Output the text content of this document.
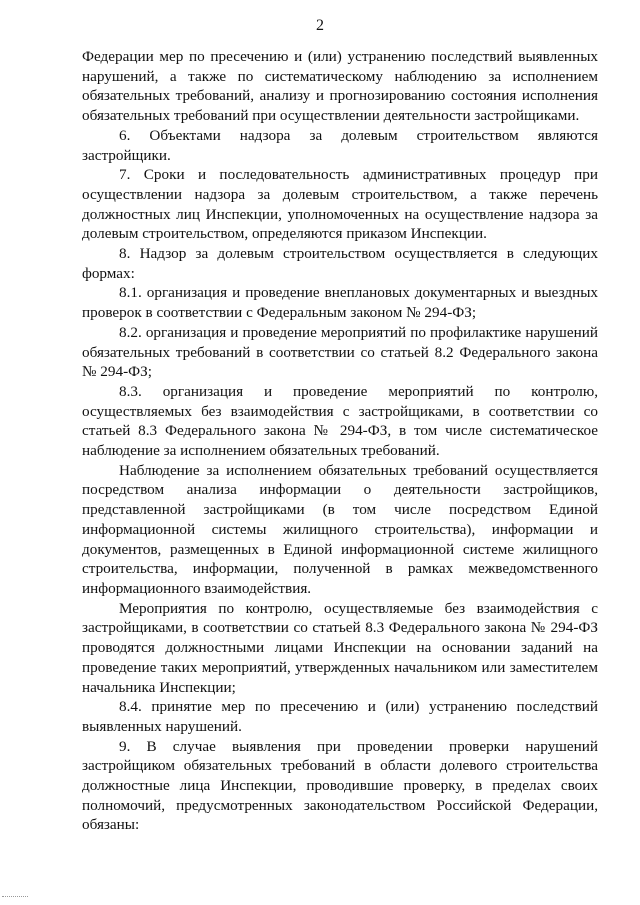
2

Федерации мер по пресечению и (или) устранению последствий выявленных нарушений, а также по систематическому наблюдению за исполнением обязательных требований, анализу и прогнозированию состояния исполнения обязательных требований при осуществлении деятельности застройщиками.

6. Объектами надзора за долевым строительством являются застройщики.

7. Сроки и последовательность административных процедур при осуществлении надзора за долевым строительством, а также перечень должностных лиц Инспекции, уполномоченных на осуществление надзора за долевым строительством, определяются приказом Инспекции.

8. Надзор за долевым строительством осуществляется в следующих формах:

8.1. организация и проведение внеплановых документарных и выездных проверок в соответствии с Федеральным законом № 294-ФЗ;

8.2. организация и проведение мероприятий по профилактике нарушений обязательных требований в соответствии со статьей 8.2 Федерального закона № 294-ФЗ;

8.3. организация и проведение мероприятий по контролю, осуществляемых без взаимодействия с застройщиками, в соответствии со статьей 8.3 Федерального закона № 294-ФЗ, в том числе систематическое наблюдение за исполнением обязательных требований.

Наблюдение за исполнением обязательных требований осуществляется посредством анализа информации о деятельности застройщиков, представленной застройщиками (в том числе посредством Единой информационной системы жилищного строительства), информации и документов, размещенных в Единой информационной системе жилищного строительства, информации, полученной в рамках межведомственного информационного взаимодействия.

Мероприятия по контролю, осуществляемые без взаимодействия с застройщиками, в соответствии со статьей 8.3 Федерального закона № 294-ФЗ проводятся должностными лицами Инспекции на основании заданий на проведение таких мероприятий, утвержденных начальником или заместителем начальника Инспекции;

8.4. принятие мер по пресечению и (или) устранению последствий выявленных нарушений.

9. В случае выявления при проведении проверки нарушений застройщиком обязательных требований в области долевого строительства должностные лица Инспекции, проводившие проверку, в пределах своих полномочий, предусмотренных законодательством Российской Федерации, обязаны:
